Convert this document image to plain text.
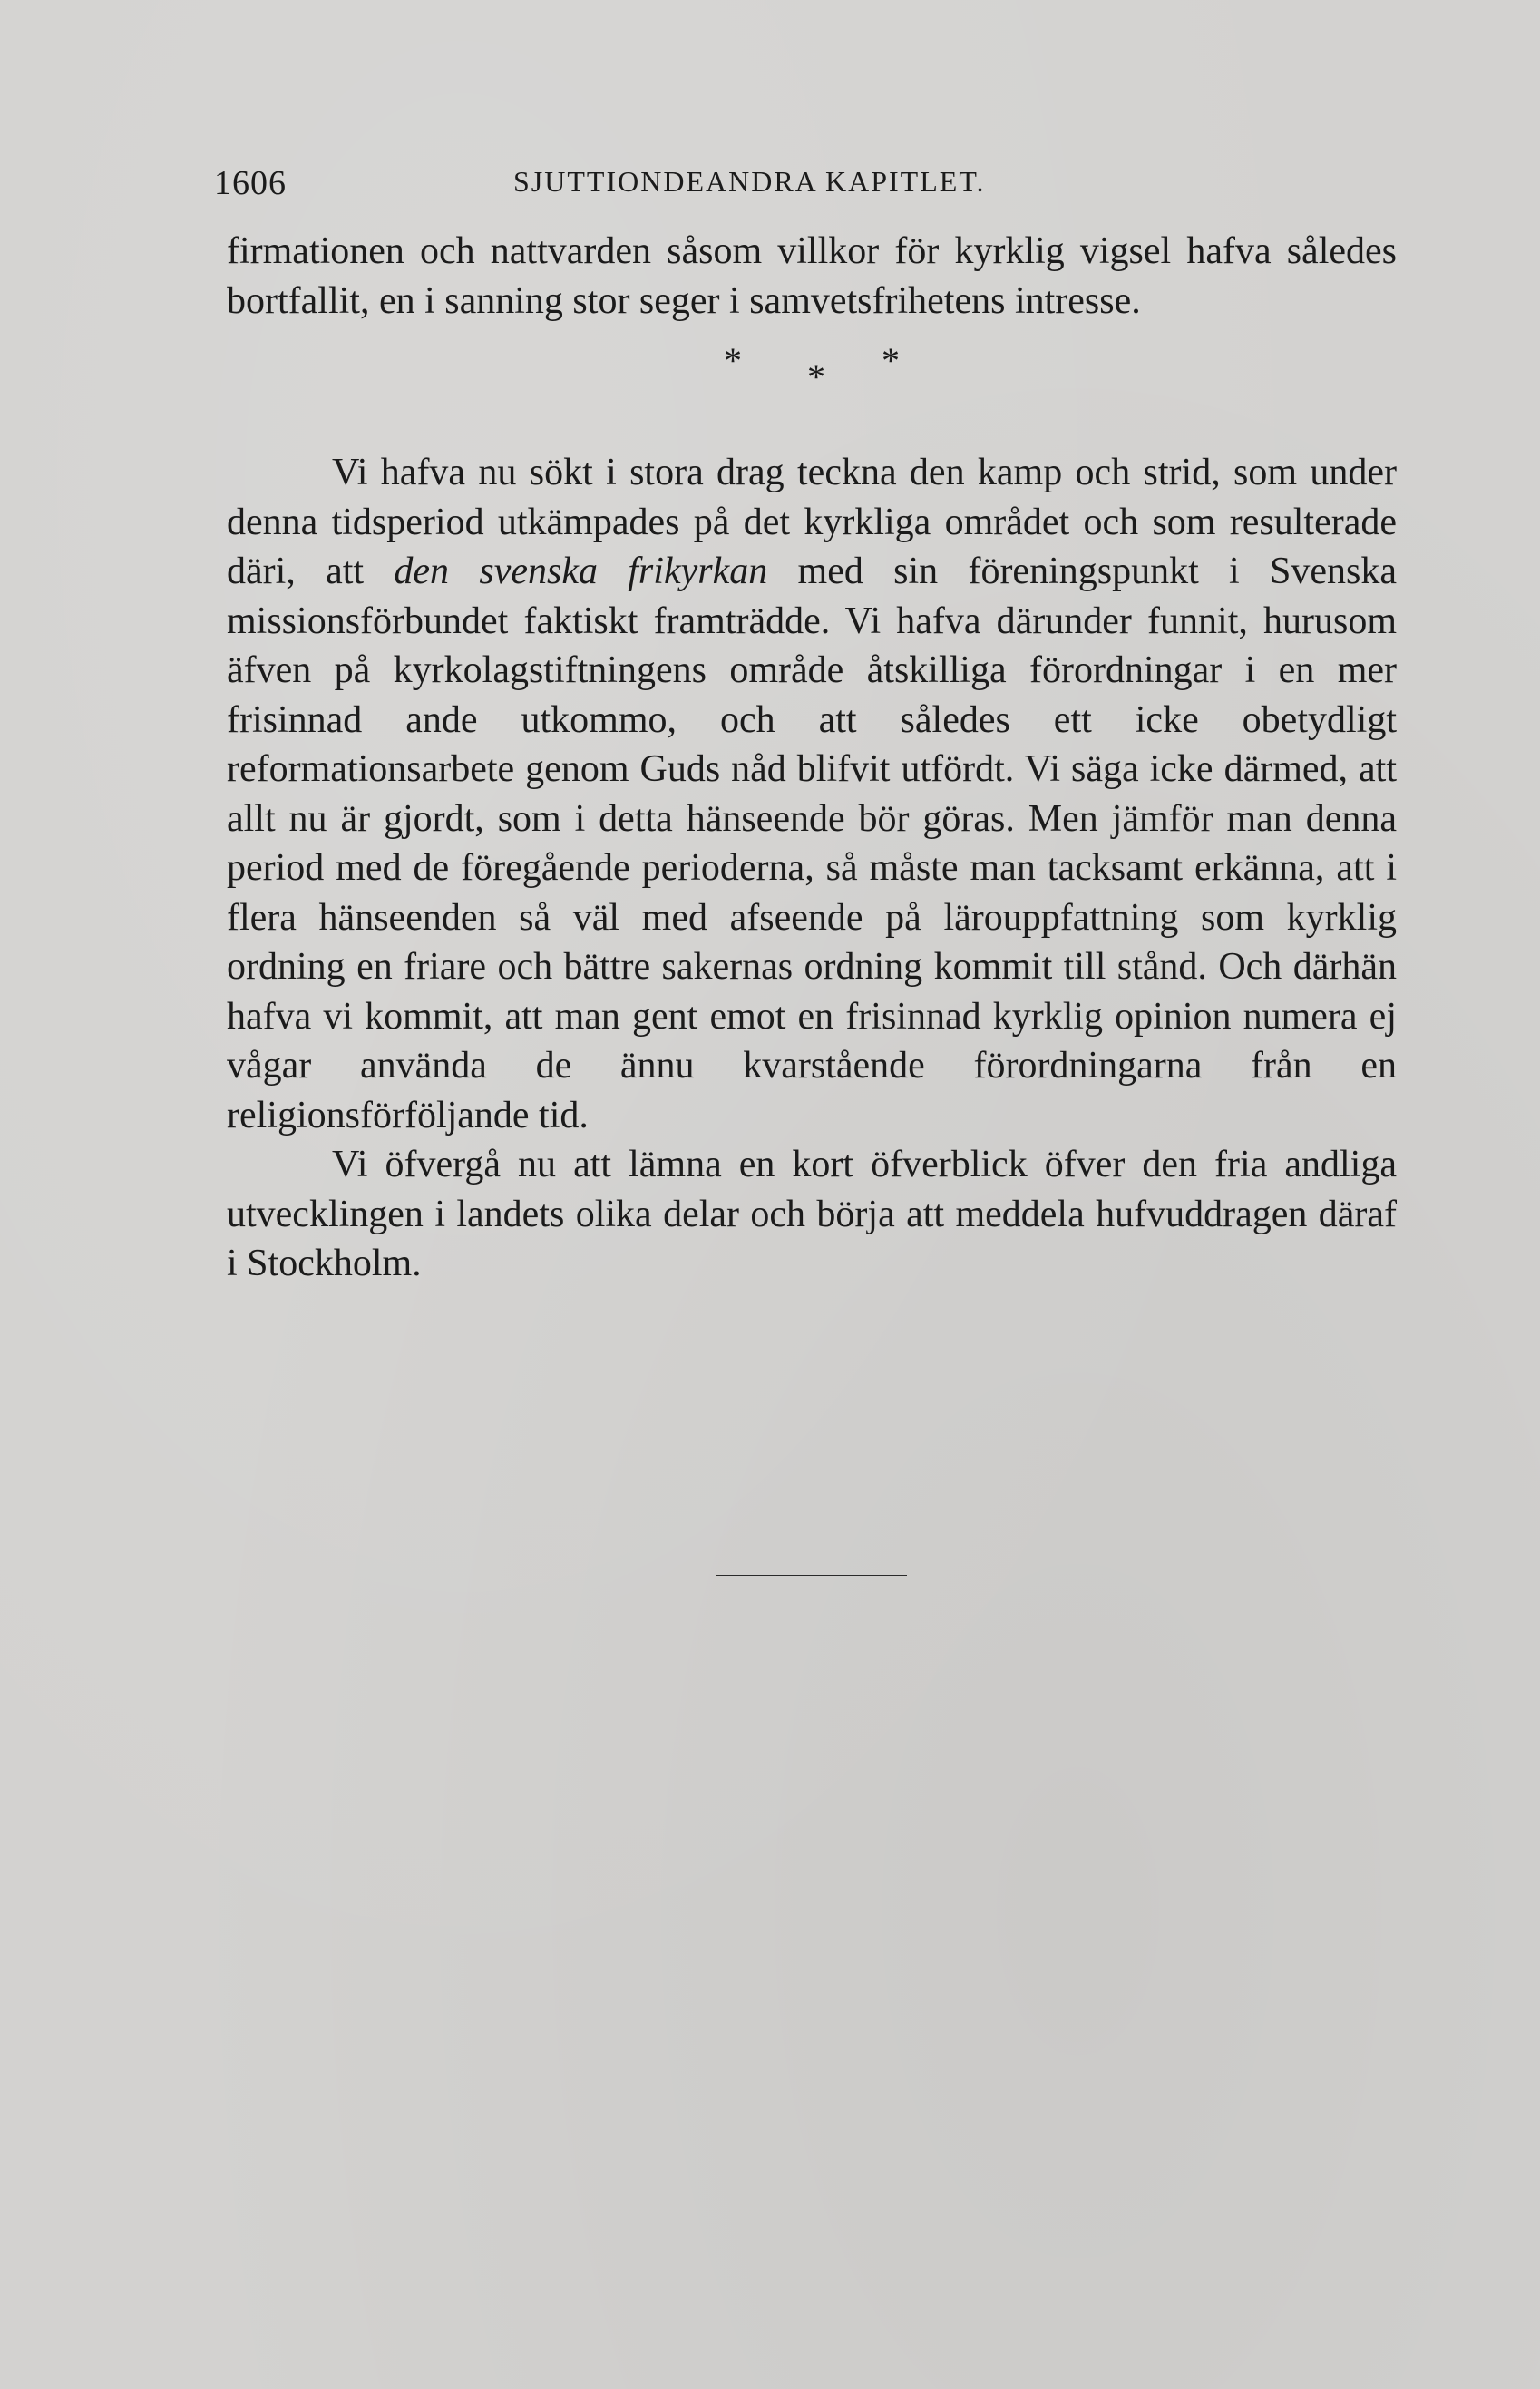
1606	SJUTTIONDEANDRA KAPITLET.

firmationen och nattvarden såsom villkor för kyrklig vigsel hafva således bortfallit, en i sanning stor seger i samvetsfrihetens intresse.

* * *

Vi hafva nu sökt i stora drag teckna den kamp och strid, som under denna tidsperiod utkämpades på det kyrkliga området och som resulterade däri, att den svenska frikyrkan med sin föreningspunkt i Svenska missionsförbundet faktiskt framträdde. Vi hafva därunder funnit, hurusom äfven på kyrkolagstiftningens område åtskilliga förordningar i en mer frisinnad ande utkommo, och att således ett icke obetydligt reformationsarbete genom Guds nåd blifvit utfördt. Vi säga icke därmed, att allt nu är gjordt, som i detta hänseende bör göras. Men jämför man denna period med de föregående perioderna, så måste man tacksamt erkänna, att i flera hänseenden så väl med afseende på lärouppfattning som kyrklig ordning en friare och bättre sakernas ordning kommit till stånd. Och därhän hafva vi kommit, att man gent emot en frisinnad kyrklig opinion numera ej vågar använda de ännu kvarstående förordningarna från en religionsförföljande tid.

Vi öfvergå nu att lämna en kort öfverblick öfver den fria andliga utvecklingen i landets olika delar och börja att meddela hufvuddragen däraf i Stockholm.
